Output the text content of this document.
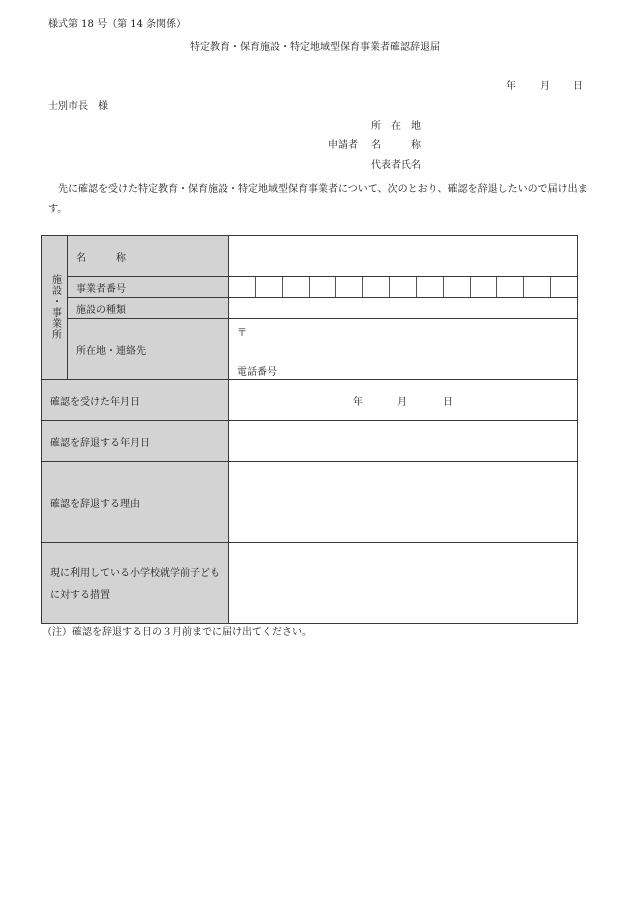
様式第 18 号（第 14 条関係）
特定教育・保育施設・特定地域型保育事業者確認辞退届
年 月 日
士別市長　様
所　在　地
申請者 名　　　称
代表者氏名
先に確認を受けた特定教育・保育施設・特定地域型保育事業者について、次のとおり、確認を辞退したいので届け出ます。
施設・事業所	名　　　称	
	事業者番号	

	施設の種類	
	所在地・連絡先	〒
電話番号

確認を受けた年月日		年 月 日

確認を辞退する年月日		
確認を辞退する理由		
現に利用している小学校就学前子ども に対する措置		
（注）確認を辞退する日の３月前までに届け出てください。
